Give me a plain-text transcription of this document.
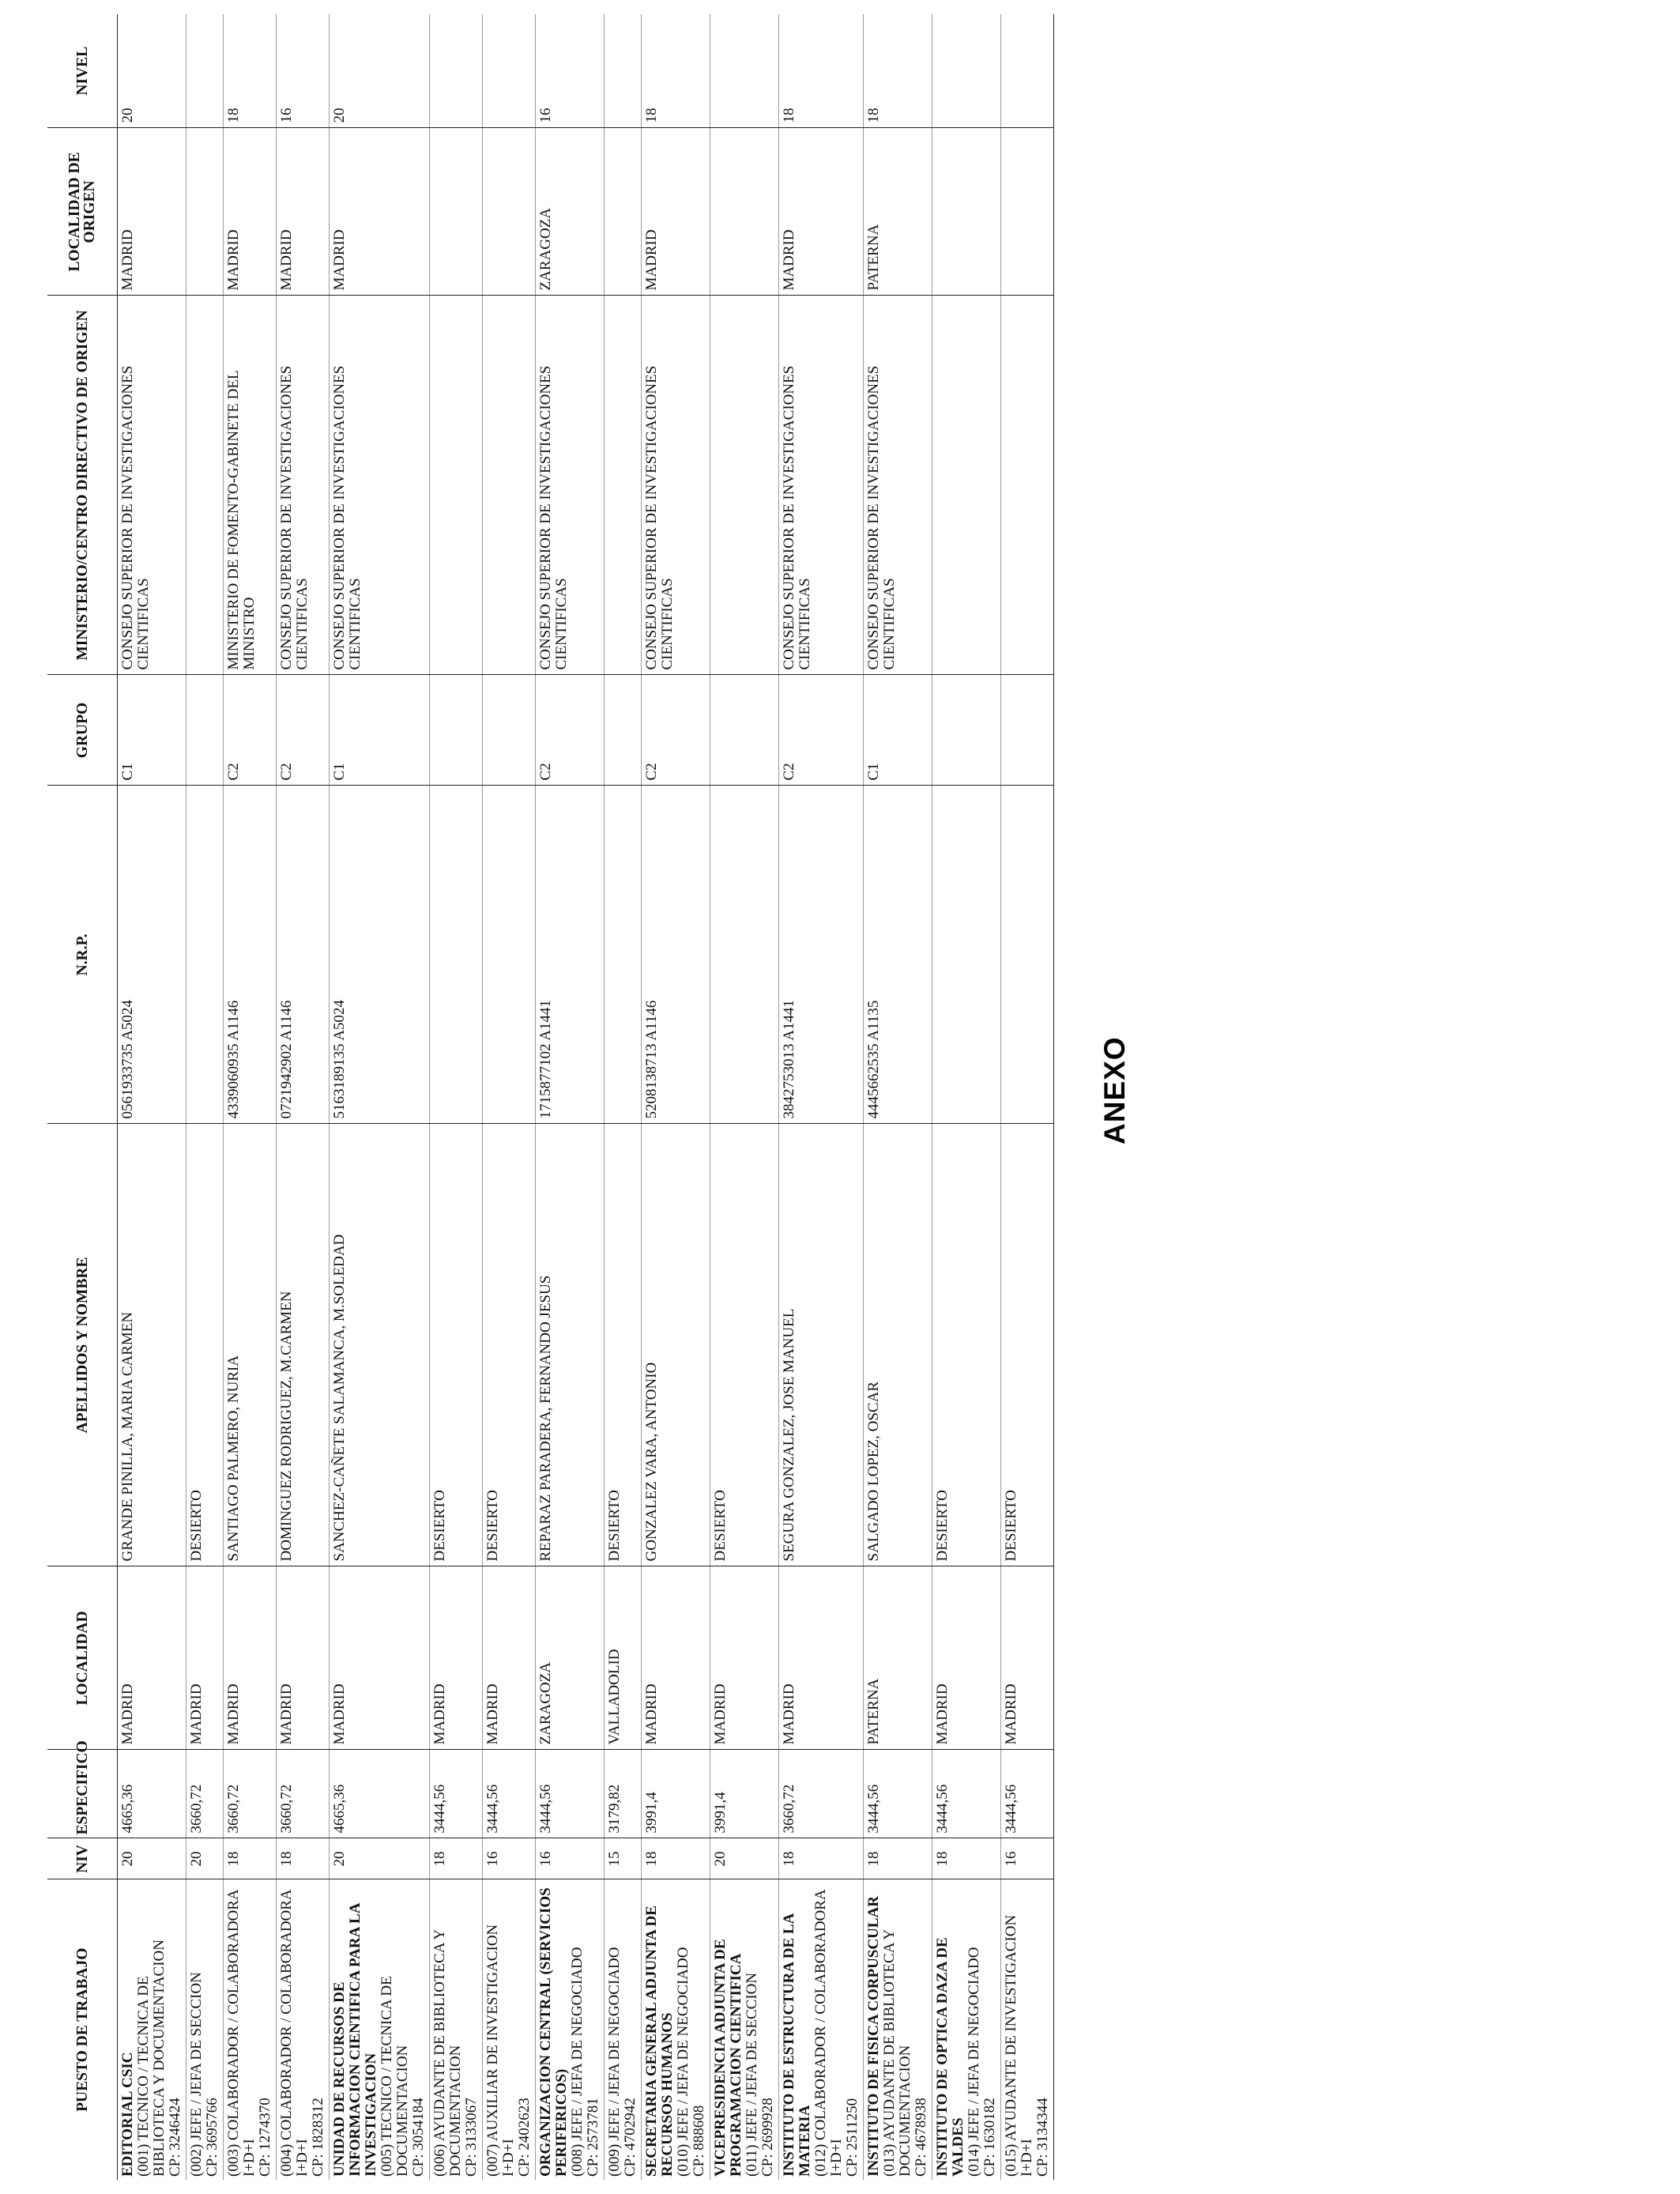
ANEXO
PUESTO DE TRABAJO	NIV	ESPECIFICO	LOCALIDAD	APELLIDOS Y NOMBRE	N.R.P.	GRUPO	MINISTERIO/CENTRO DIRECTIVO DE ORIGEN	LOCALIDAD DE ORIGEN	NIVEL

EDITORIAL CSIC (001) TECNICO / TECNICA DE BIBLIOTECA Y DOCUMENTACION CP: 3246424	20	4665,36	MADRID	GRANDE PINILLA, MARIA CARMEN	0561933735 A5024	C1	CONSEJO SUPERIOR DE INVESTIGACIONES CIENTIFICAS	MADRID	20

(002) JEFE / JEFA DE SECCION CP: 3695766	20	3660,72	MADRID	DESIERTO					

(003) COLABORADOR / COLABORADORA I+D+I CP: 1274370	18	3660,72	MADRID	SANTIAGO PALMERO, NURIA	4339060935 A1146	C2	MINISTERIO DE FOMENTO-GABINETE DEL MINISTRO	MADRID	18

(004) COLABORADOR / COLABORADORA I+D+I CP: 1828312	18	3660,72	MADRID	DOMINGUEZ RODRIGUEZ, M.CARMEN	0721942902 A1146	C2	CONSEJO SUPERIOR DE INVESTIGACIONES CIENTIFICAS	MADRID	16

UNIDAD DE RECURSOS DE INFORMACION CIENTIFICA PARA LA INVESTIGACION (005) TECNICO / TECNICA DE DOCUMENTACION CP: 3054184	20	4665,36	MADRID	SANCHEZ-CAÑETE SALAMANCA, M.SOLEDAD	5163189135 A5024	C1	CONSEJO SUPERIOR DE INVESTIGACIONES CIENTIFICAS	MADRID	20

(006) AYUDANTE DE BIBLIOTECA Y DOCUMENTACION CP: 3133067	18	3444,56	MADRID	DESIERTO					

(007) AUXILIAR DE INVESTIGACION I+D+I CP: 2402623	16	3444,56	MADRID	DESIERTO					

ORGANIZACION CENTRAL (SERVICIOS PERIFERICOS) (008) JEFE / JEFA DE NEGOCIADO CP: 2573781	16	3444,56	ZARAGOZA	REPARAZ PARADERA, FERNANDO JESUS	1715877102 A1441	C2	CONSEJO SUPERIOR DE INVESTIGACIONES CIENTIFICAS	ZARAGOZA	16

(009) JEFE / JEFA DE NEGOCIADO CP: 4702942	15	3179,82	VALLADOLID	DESIERTO					

SECRETARIA GENERAL ADJUNTA DE RECURSOS HUMANOS (010) JEFE / JEFA DE NEGOCIADO CP: 888608	18	3991,4	MADRID	GONZALEZ VARA, ANTONIO	5208138713 A1146	C2	CONSEJO SUPERIOR DE INVESTIGACIONES CIENTIFICAS	MADRID	18

VICEPRESIDENCIA ADJUNTA DE PROGRAMACION CIENTIFICA (011) JEFE / JEFA DE SECCION CP: 2699928	20	3991,4	MADRID	DESIERTO					

INSTITUTO DE ESTRUCTURA DE LA MATERIA (012) COLABORADOR / COLABORADORA I+D+I CP: 2511250	18	3660,72	MADRID	SEGURA GONZALEZ, JOSE MANUEL	3842753013 A1441	C2	CONSEJO SUPERIOR DE INVESTIGACIONES CIENTIFICAS	MADRID	18

INSTITUTO DE FISICA CORPUSCULAR (013) AYUDANTE DE BIBLIOTECA Y DOCUMENTACION CP: 4678938	18	3444,56	PATERNA	SALGADO LOPEZ, OSCAR	4445662535 A1135	C1	CONSEJO SUPERIOR DE INVESTIGACIONES CIENTIFICAS	PATERNA	18

INSTITUTO DE OPTICA DAZA DE VALDES (014) JEFE / JEFA DE NEGOCIADO CP: 1630182	18	3444,56	MADRID	DESIERTO					

(015) AYUDANTE DE INVESTIGACION I+D+I CP: 3134344	16	3444,56	MADRID	DESIERTO					
